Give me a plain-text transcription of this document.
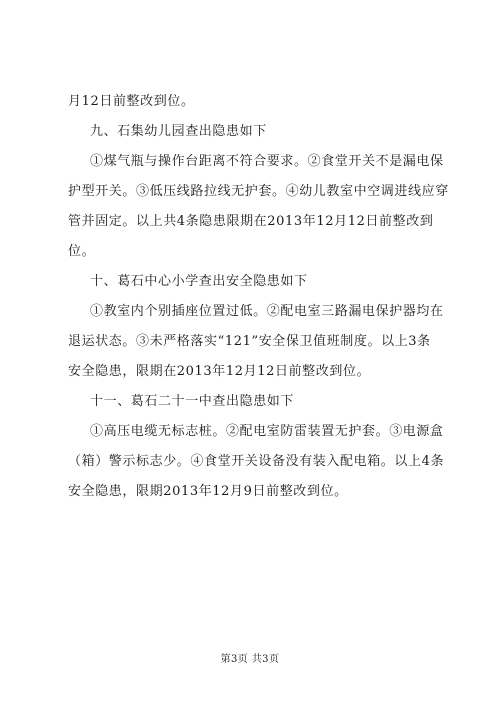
月12日前整改到位。
九、石集幼儿园查出隐患如下
①煤气瓶与操作台距离不符合要求。②食堂开关不是漏电保
护型开关。③低压线路拉线无护套。④幼儿教室中空调进线应穿
管并固定。以上共4条隐患限期在2013年12月12日前整改到
位。
十、葛石中心小学查出安全隐患如下
①教室内个别插座位置过低。②配电室三路漏电保护器均在
退运状态。③未严格落实“121”安全保卫值班制度。以上3条
安全隐患，限期在2013年12月12日前整改到位。
十一、葛石二十一中查出隐患如下
①高压电缆无标志桩。②配电室防雷装置无护套。③电源盒
（箱）警示标志少。④食堂开关设备没有装入配电箱。以上4条
安全隐患，限期2013年12月9日前整改到位。
第3页 共3页
